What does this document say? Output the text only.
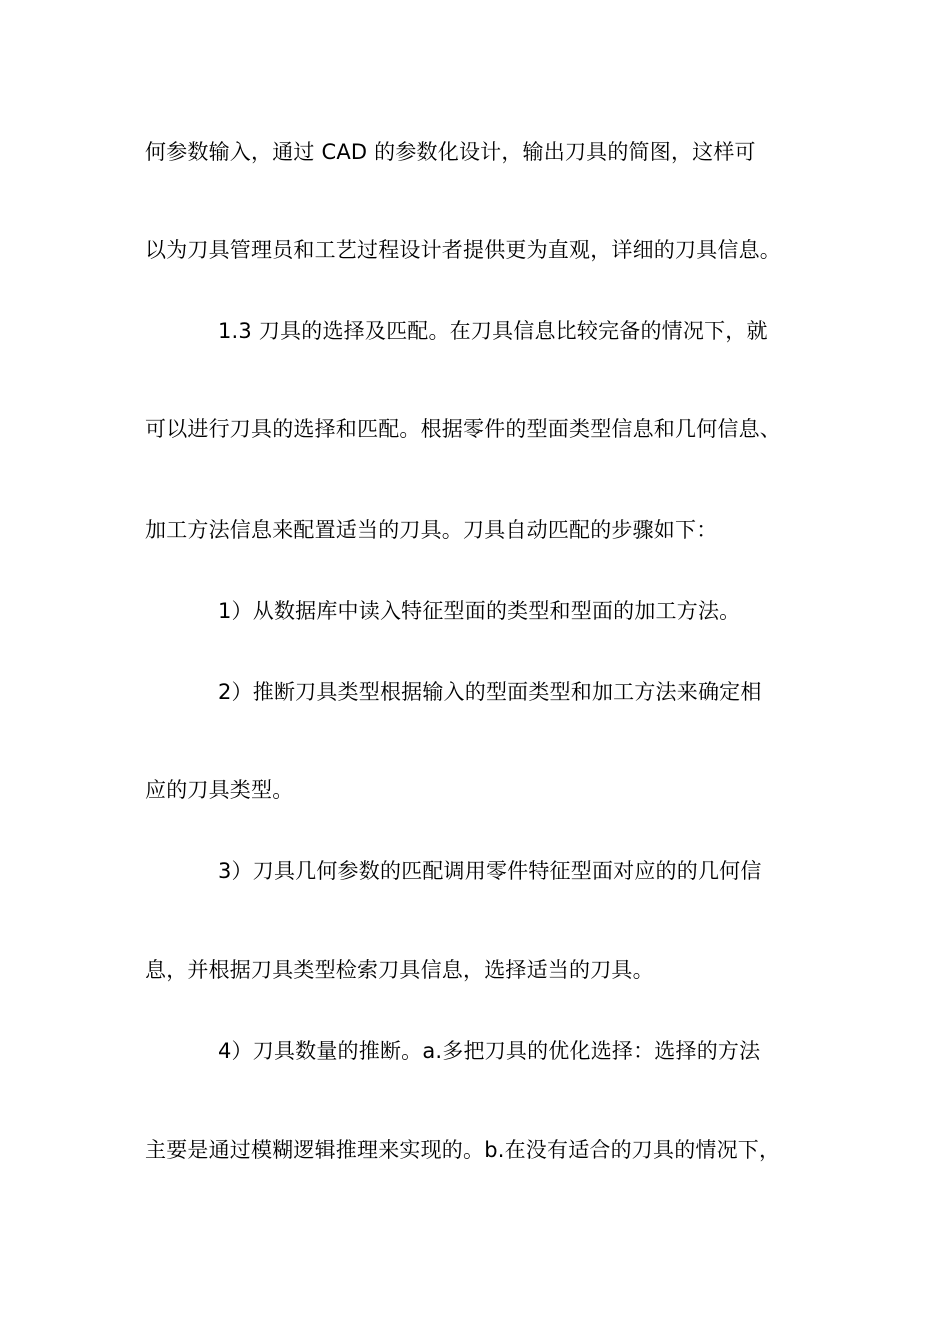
何参数输入，通过 CAD 的参数化设计，输出刀具的简图，这样可
以为刀具管理员和工艺过程设计者提供更为直观，详细的刀具信息。
1.3 刀具的选择及匹配。在刀具信息比较完备的情况下，就
可以进行刀具的选择和匹配。根据零件的型面类型信息和几何信息、
加工方法信息来配置适当的刀具。刀具自动匹配的步骤如下：
1）从数据库中读入特征型面的类型和型面的加工方法。
2）推断刀具类型根据输入的型面类型和加工方法来确定相
应的刀具类型。
3）刀具几何参数的匹配调用零件特征型面对应的的几何信
息，并根据刀具类型检索刀具信息，选择适当的刀具。
4）刀具数量的推断。a.多把刀具的优化选择：选择的方法
主要是通过模糊逻辑推理来实现的。b.在没有适合的刀具的情况下，
